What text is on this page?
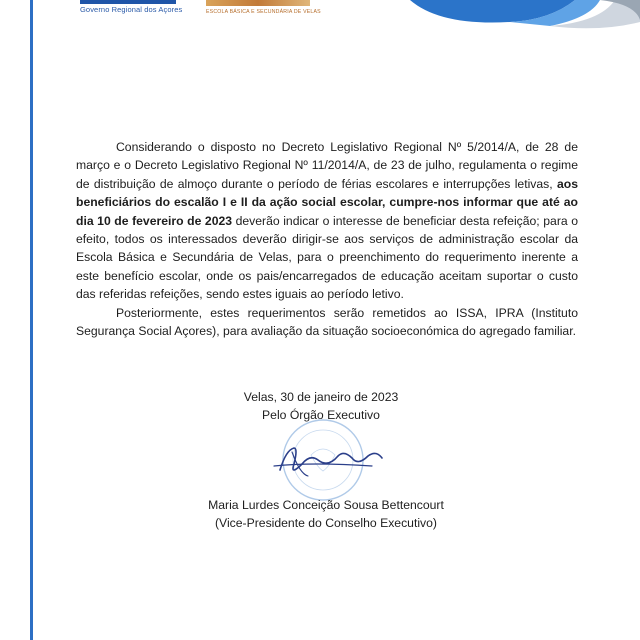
Governo Regional dos Açores	ESCOLA BÁSICA E SECUNDÁRIA DE VELAS

Considerando o disposto no Decreto Legislativo Regional Nº 5/2014/A, de 28 de março e o Decreto Legislativo Regional Nº 11/2014/A, de 23 de julho, regulamenta o regime de distribuição de almoço durante o período de férias escolares e interrupções letivas, aos beneficiários do escalão I e II da ação social escolar, cumpre-nos informar que até ao dia 10 de fevereiro de 2023 deverão indicar o interesse de beneficiar desta refeição; para o efeito, todos os interessados deverão dirigir-se aos serviços de administração escolar da Escola Básica e Secundária de Velas, para o preenchimento do requerimento inerente a este benefício escolar, onde os pais/encarregados de educação aceitam suportar o custo das referidas refeições, sendo estes iguais ao período letivo.

Posteriormente, estes requerimentos serão remetidos ao ISSA, IPRA (Instituto Segurança Social Açores), para avaliação da situação socioeconómica do agregado familiar.

Velas, 30 de janeiro de 2023
Pelo Órgão Executivo
Maria Lurdes Conceição Sousa Bettencourt
(Vice-Presidente do Conselho Executivo)
